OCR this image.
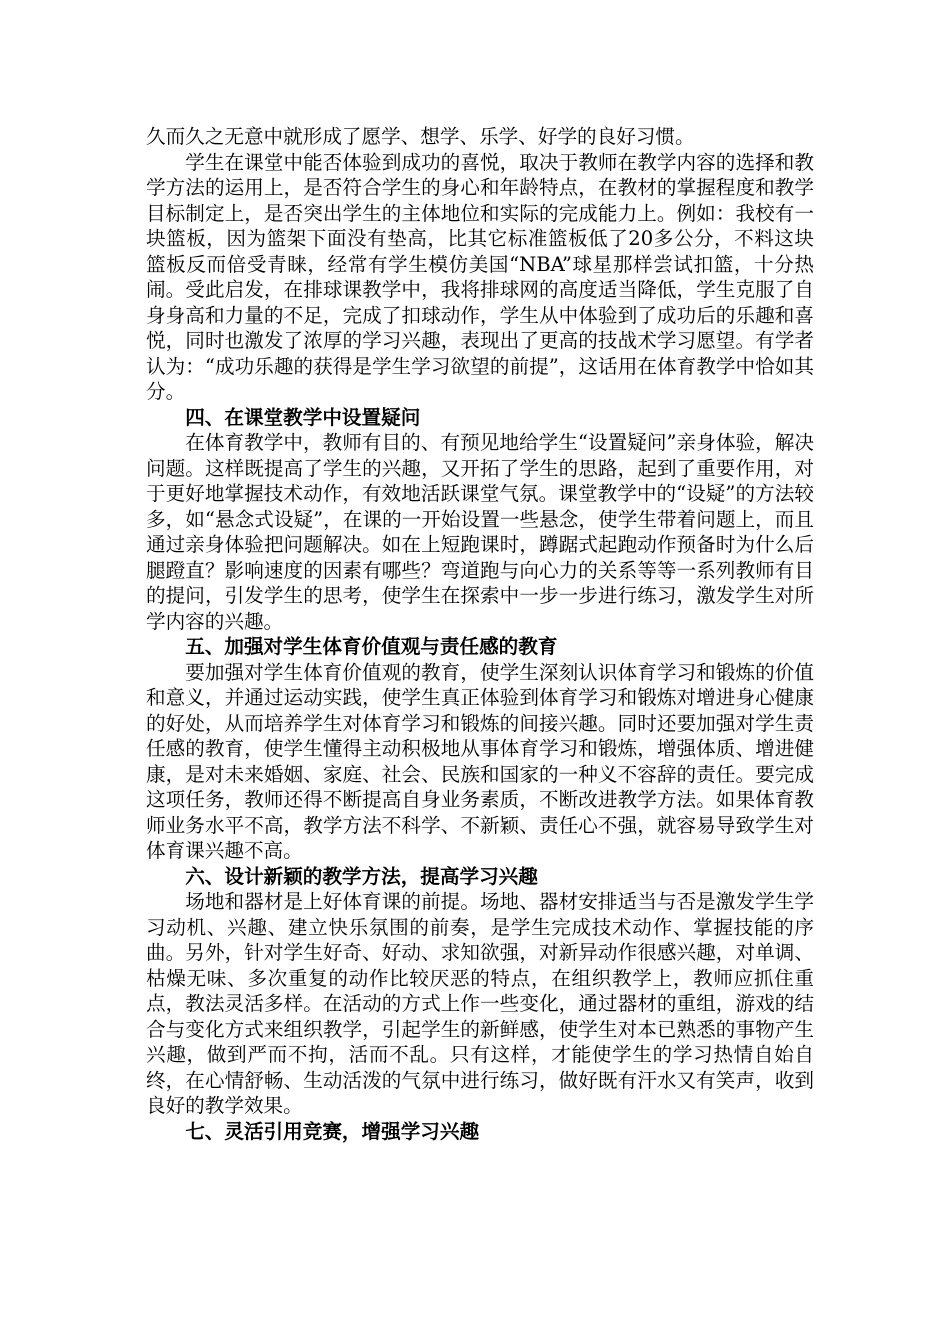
久而久之无意中就形成了愿学、想学、乐学、好学的良好习惯。

学生在课堂中能否体验到成功的喜悦，取决于教师在教学内容的选择和教学方法的运用上，是否符合学生的身心和年龄特点，在教材的掌握程度和教学目标制定上，是否突出学生的主体地位和实际的完成能力上。例如：我校有一块篮板，因为篮架下面没有垫高，比其它标准篮板低了20多公分，不料这块篮板反而倍受青睐，经常有学生模仿美国“NBA”球星那样尝试扣篮，十分热闹。受此启发，在排球课教学中，我将排球网的高度适当降低，学生克服了自身身高和力量的不足，完成了扣球动作，学生从中体验到了成功后的乐趣和喜悦，同时也激发了浓厚的学习兴趣，表现出了更高的技战术学习愿望。有学者认为：“成功乐趣的获得是学生学习欲望的前提”，这话用在体育教学中恰如其分。

四、在课堂教学中设置疑问

在体育教学中，教师有目的、有预见地给学生“设置疑问”亲身体验，解决问题。这样既提高了学生的兴趣，又开拓了学生的思路，起到了重要作用，对于更好地掌握技术动作，有效地活跃课堂气氛。课堂教学中的“设疑”的方法较多，如“悬念式设疑”，在课的一开始设置一些悬念，使学生带着问题上，而且通过亲身体验把问题解决。如在上短跑课时，蹲踞式起跑动作预备时为什么后腿蹬直？影响速度的因素有哪些？弯道跑与向心力的关系等等一系列教师有目的提问，引发学生的思考，使学生在探索中一步一步进行练习，激发学生对所学内容的兴趣。

五、加强对学生体育价值观与责任感的教育

要加强对学生体育价值观的教育，使学生深刻认识体育学习和锻炼的价值和意义，并通过运动实践，使学生真正体验到体育学习和锻炼对增进身心健康的好处，从而培养学生对体育学习和锻炼的间接兴趣。同时还要加强对学生责任感的教育，使学生懂得主动积极地从事体育学习和锻炼，增强体质、增进健康，是对未来婚姻、家庭、社会、民族和国家的一种义不容辞的责任。要完成这项任务，教师还得不断提高自身业务素质，不断改进教学方法。如果体育教师业务水平不高，教学方法不科学、不新颖、责任心不强，就容易导致学生对体育课兴趣不高。

六、设计新颖的教学方法，提高学习兴趣

场地和器材是上好体育课的前提。场地、器材安排适当与否是激发学生学习动机、兴趣、建立快乐氛围的前奏，是学生完成技术动作、掌握技能的序曲。另外，针对学生好奇、好动、求知欲强，对新异动作很感兴趣，对单调、枯燥无味、多次重复的动作比较厌恶的特点，在组织教学上，教师应抓住重点，教法灵活多样。在活动的方式上作一些变化，通过器材的重组，游戏的结合与变化方式来组织教学，引起学生的新鲜感，使学生对本已熟悉的事物产生兴趣，做到严而不拘，活而不乱。只有这样，才能使学生的学习热情自始自终，在心情舒畅、生动活泼的气氛中进行练习，做好既有汗水又有笑声，收到良好的教学效果。

七、灵活引用竞赛，增强学习兴趣
